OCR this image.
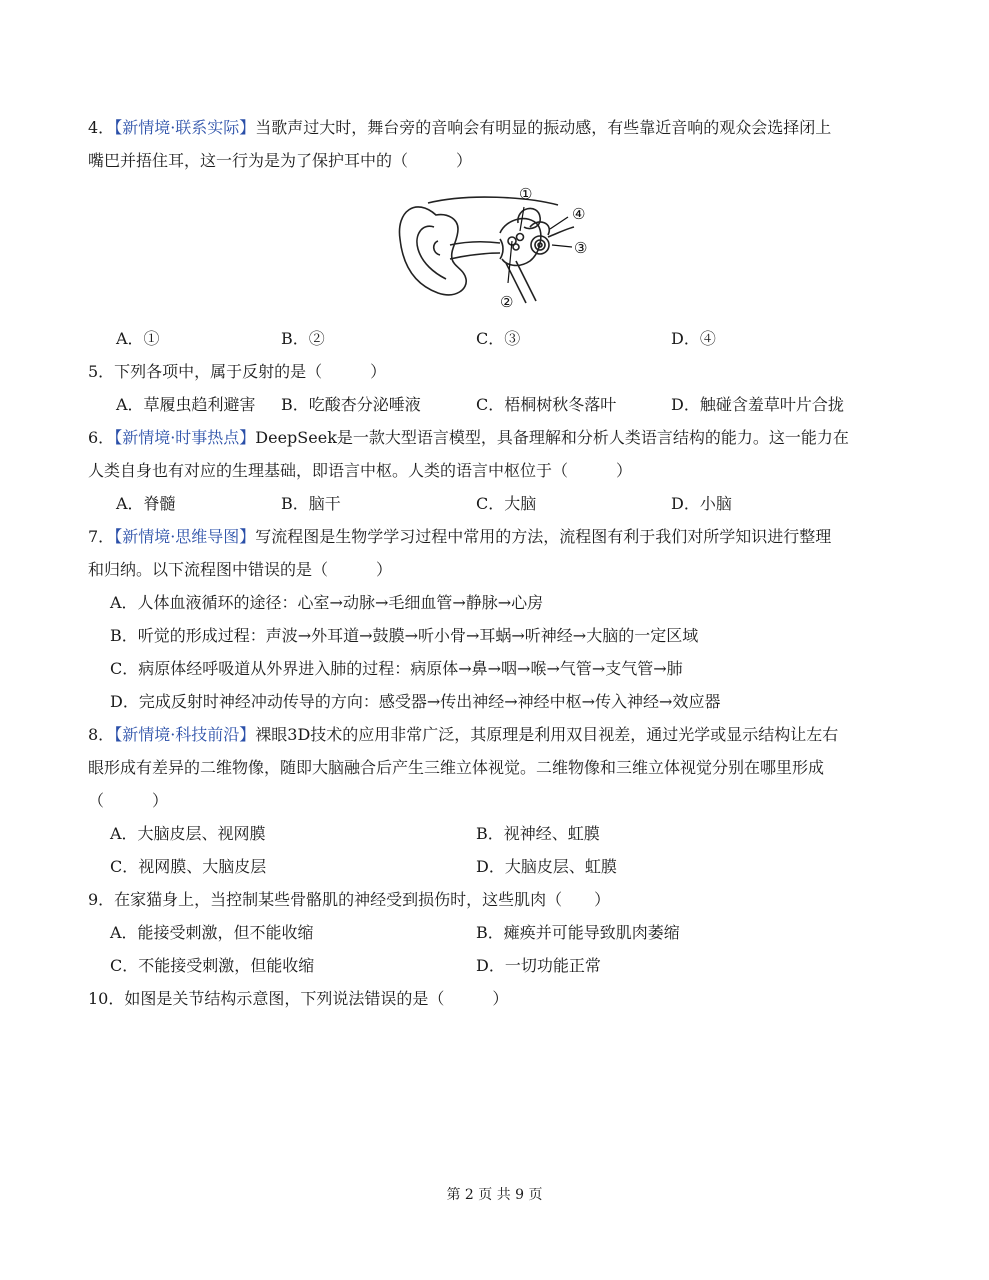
4．【新情境·联系实际】当歌声过大时，舞台旁的音响会有明显的振动感，有些靠近音响的观众会选择闭上
嘴巴并捂住耳，这一行为是为了保护耳中的（　　　）
①
②
③
④
A．①	B．②	C．③	D．④
5．下列各项中，属于反射的是（　　　）
A．草履虫趋利避害 B．吃酸杏分泌唾液	C．梧桐树秋冬落叶	D．触碰含羞草叶片合拢
6．【新情境·时事热点】DeepSeek是一款大型语言模型，具备理解和分析人类语言结构的能力。这一能力在
人类自身也有对应的生理基础，即语言中枢。人类的语言中枢位于（　　　）
A．脊髓	B．脑干	C．大脑	D．小脑
7．【新情境·思维导图】写流程图是生物学学习过程中常用的方法，流程图有利于我们对所学知识进行整理
和归纳。以下流程图中错误的是（　　　）
A．人体血液循环的途径：心室→动脉→毛细血管→静脉→心房
B．听觉的形成过程：声波→外耳道→鼓膜→听小骨→耳蜗→听神经→大脑的一定区域
C．病原体经呼吸道从外界进入肺的过程：病原体→鼻→咽→喉→气管→支气管→肺
D．完成反射时神经冲动传导的方向：感受器→传出神经→神经中枢→传入神经→效应器
8．【新情境·科技前沿】裸眼3D技术的应用非常广泛，其原理是利用双目视差，通过光学或显示结构让左右
眼形成有差异的二维物像，随即大脑融合后产生三维立体视觉。二维物像和三维立体视觉分别在哪里形成
（　　　）
A．大脑皮层、视网膜	B．视神经、虹膜
C．视网膜、大脑皮层	D．大脑皮层、虹膜
9．在家猫身上，当控制某些骨骼肌的神经受到损伤时，这些肌肉（　　）
A．能接受刺激，但不能收缩	B．瘫痪并可能导致肌肉萎缩
C．不能接受刺激，但能收缩	D．一切功能正常
10．如图是关节结构示意图，下列说法错误的是（　　　）
第 2 页 共 9 页
